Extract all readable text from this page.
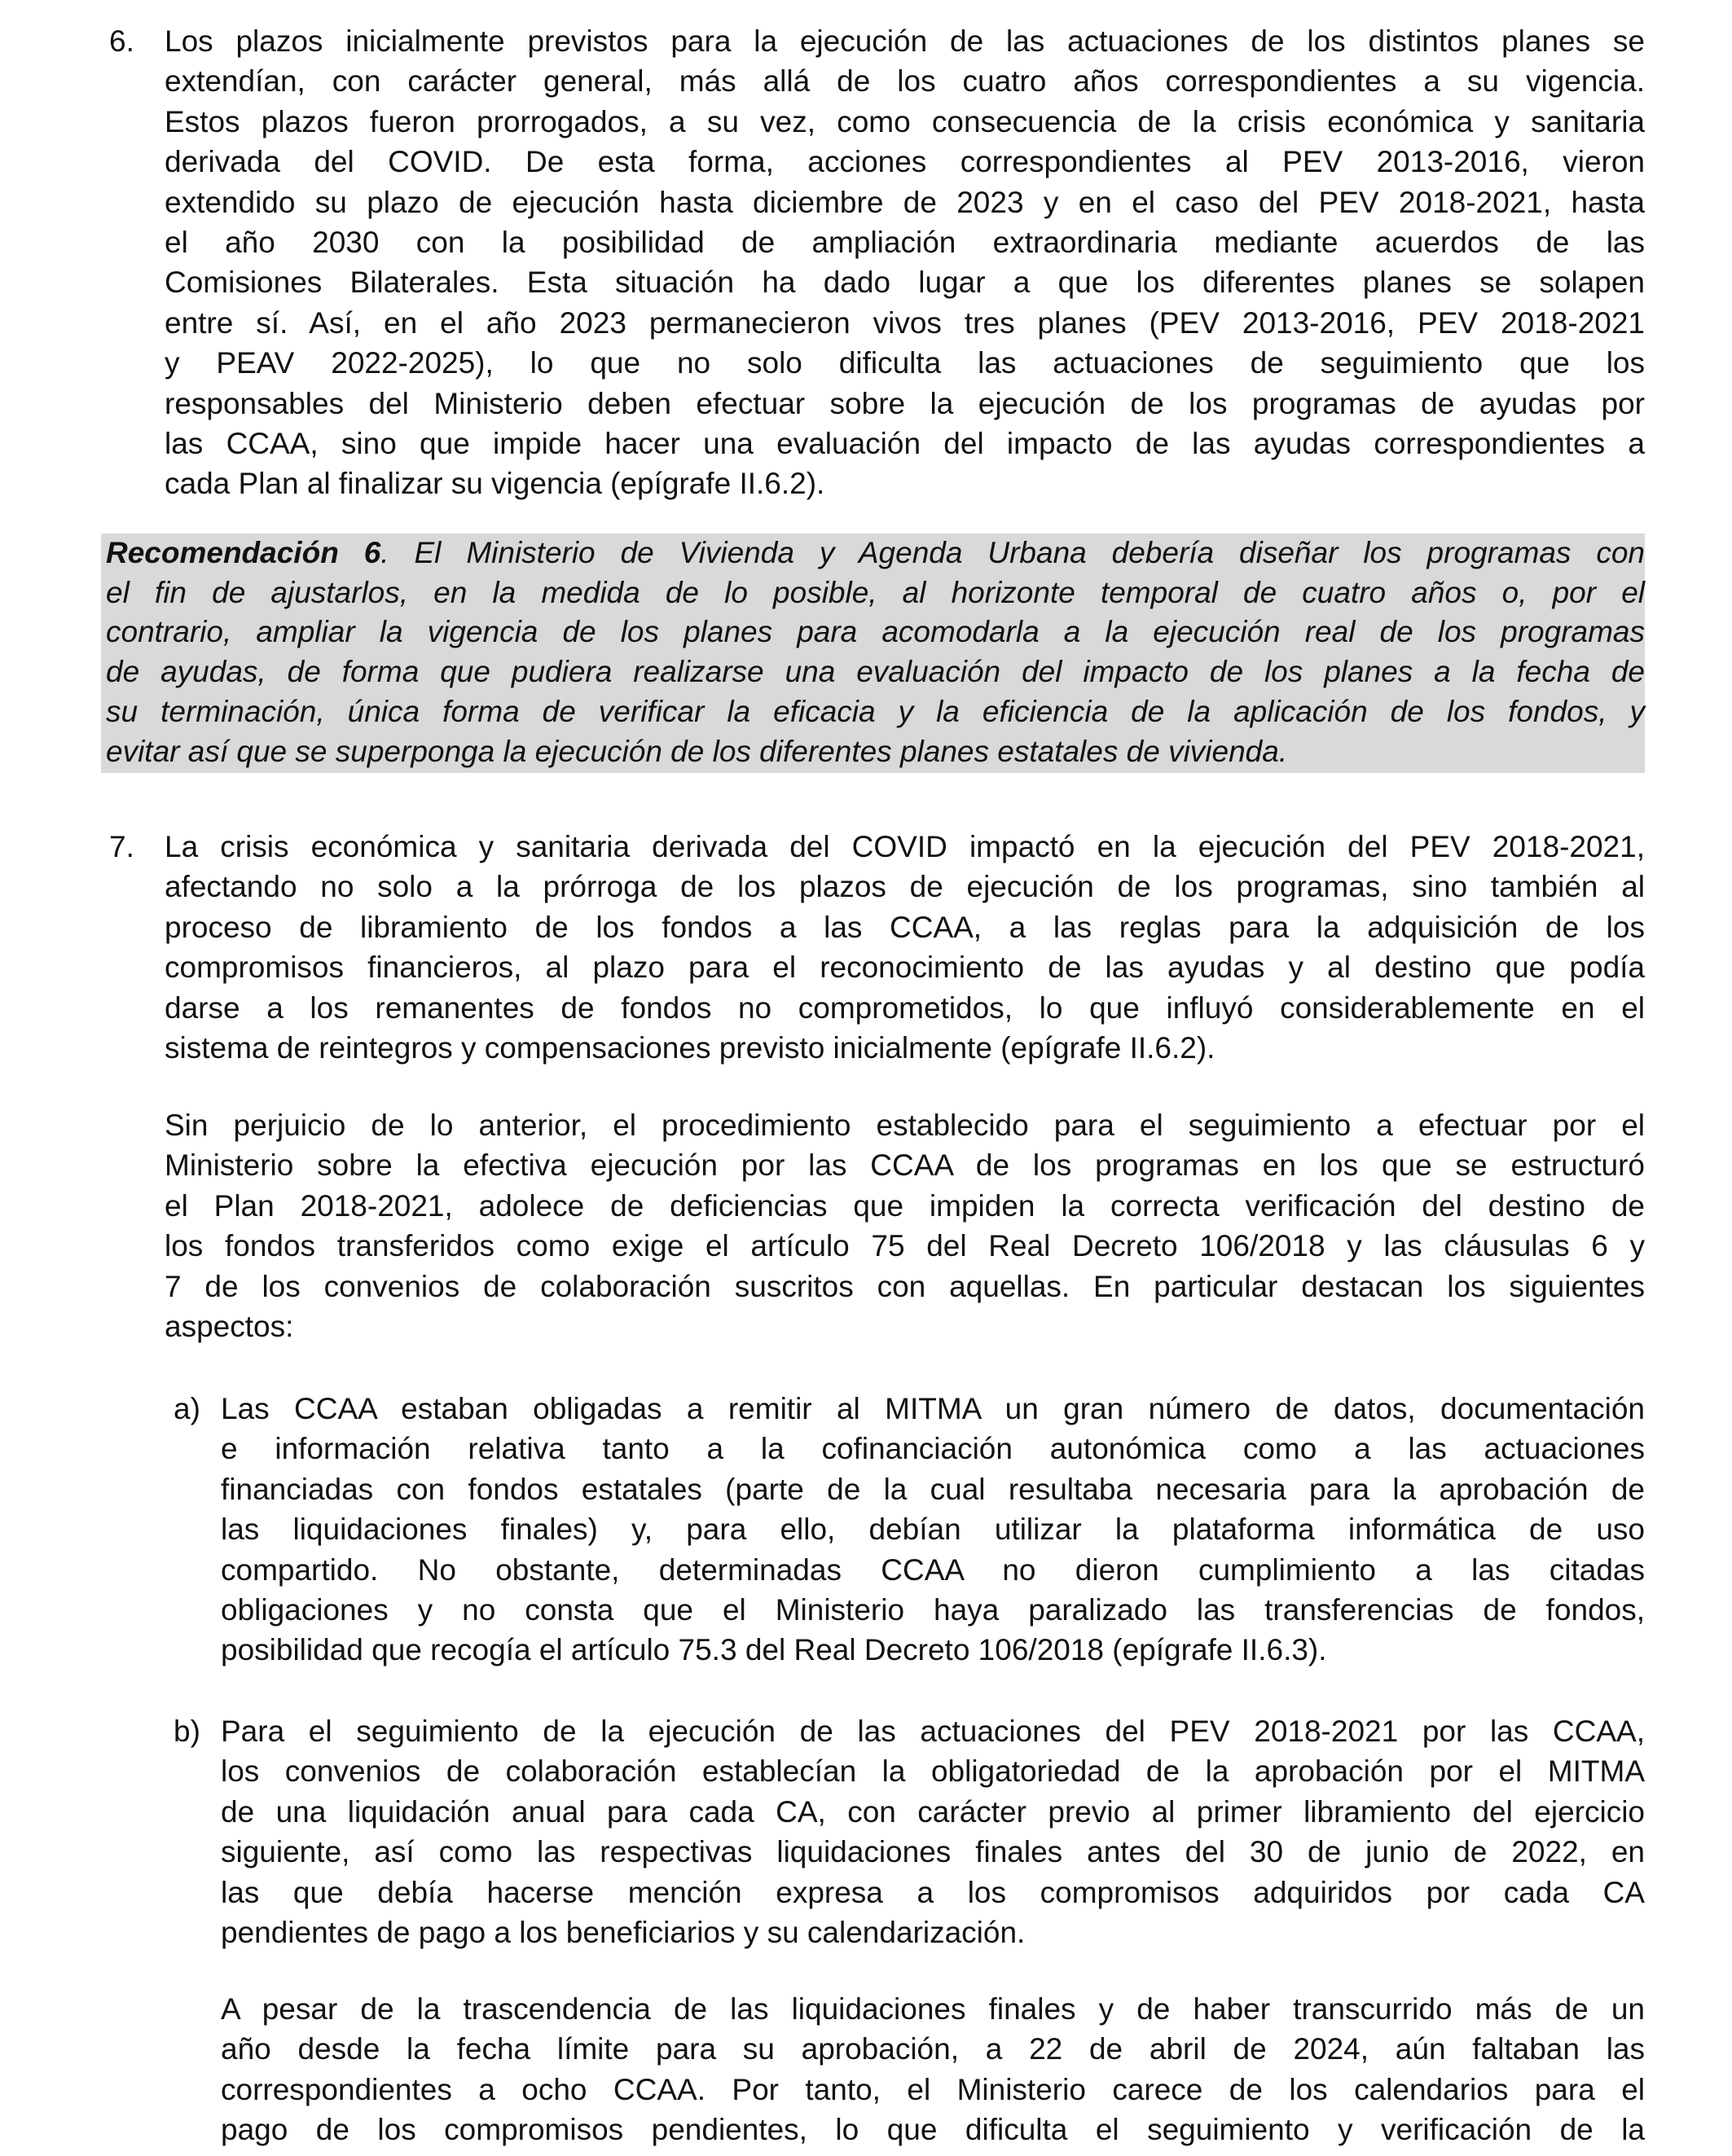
6. Los plazos inicialmente previstos para la ejecución de las actuaciones de los distintos planes se
extendían, con carácter general, más allá de los cuatro años correspondientes a su vigencia.
Estos plazos fueron prorrogados, a su vez, como consecuencia de la crisis económica y sanitaria
derivada del COVID. De esta forma, acciones correspondientes al PEV 2013-2016, vieron
extendido su plazo de ejecución hasta diciembre de 2023 y en el caso del PEV 2018-2021, hasta
el año 2030 con la posibilidad de ampliación extraordinaria mediante acuerdos de las
Comisiones Bilaterales. Esta situación ha dado lugar a que los diferentes planes se solapen
entre sí. Así, en el año 2023 permanecieron vivos tres planes (PEV 2013-2016, PEV 2018-2021
y PEAV 2022-2025), lo que no solo dificulta las actuaciones de seguimiento que los
responsables del Ministerio deben efectuar sobre la ejecución de los programas de ayudas por
las CCAA, sino que impide hacer una evaluación del impacto de las ayudas correspondientes a
cada Plan al finalizar su vigencia (epígrafe II.6.2).
Recomendación 6. El Ministerio de Vivienda y Agenda Urbana debería diseñar los programas con
el fin de ajustarlos, en la medida de lo posible, al horizonte temporal de cuatro años o, por el
contrario, ampliar la vigencia de los planes para acomodarla a la ejecución real de los programas
de ayudas, de forma que pudiera realizarse una evaluación del impacto de los planes a la fecha de
su terminación, única forma de verificar la eficacia y la eficiencia de la aplicación de los fondos, y
evitar así que se superponga la ejecución de los diferentes planes estatales de vivienda.
7. La crisis económica y sanitaria derivada del COVID impactó en la ejecución del PEV 2018-2021,
afectando no solo a la prórroga de los plazos de ejecución de los programas, sino también al
proceso de libramiento de los fondos a las CCAA, a las reglas para la adquisición de los
compromisos financieros, al plazo para el reconocimiento de las ayudas y al destino que podía
darse a los remanentes de fondos no comprometidos, lo que influyó considerablemente en el
sistema de reintegros y compensaciones previsto inicialmente (epígrafe II.6.2).
Sin perjuicio de lo anterior, el procedimiento establecido para el seguimiento a efectuar por el
Ministerio sobre la efectiva ejecución por las CCAA de los programas en los que se estructuró
el Plan 2018-2021, adolece de deficiencias que impiden la correcta verificación del destino de
los fondos transferidos como exige el artículo 75 del Real Decreto 106/2018 y las cláusulas 6 y
7 de los convenios de colaboración suscritos con aquellas. En particular destacan los siguientes
aspectos:
a) Las CCAA estaban obligadas a remitir al MITMA un gran número de datos, documentación
e información relativa tanto a la cofinanciación autonómica como a las actuaciones
financiadas con fondos estatales (parte de la cual resultaba necesaria para la aprobación de
las liquidaciones finales) y, para ello, debían utilizar la plataforma informática de uso
compartido. No obstante, determinadas CCAA no dieron cumplimiento a las citadas
obligaciones y no consta que el Ministerio haya paralizado las transferencias de fondos,
posibilidad que recogía el artículo 75.3 del Real Decreto 106/2018 (epígrafe II.6.3).
b) Para el seguimiento de la ejecución de las actuaciones del PEV 2018-2021 por las CCAA,
los convenios de colaboración establecían la obligatoriedad de la aprobación por el MITMA
de una liquidación anual para cada CA, con carácter previo al primer libramiento del ejercicio
siguiente, así como las respectivas liquidaciones finales antes del 30 de junio de 2022, en
las que debía hacerse mención expresa a los compromisos adquiridos por cada CA
pendientes de pago a los beneficiarios y su calendarización.
A pesar de la trascendencia de las liquidaciones finales y de haber transcurrido más de un
año desde la fecha límite para su aprobación, a 22 de abril de 2024, aún faltaban las
correspondientes a ocho CCAA. Por tanto, el Ministerio carece de los calendarios para el
pago de los compromisos pendientes, lo que dificulta el seguimiento y verificación de la
